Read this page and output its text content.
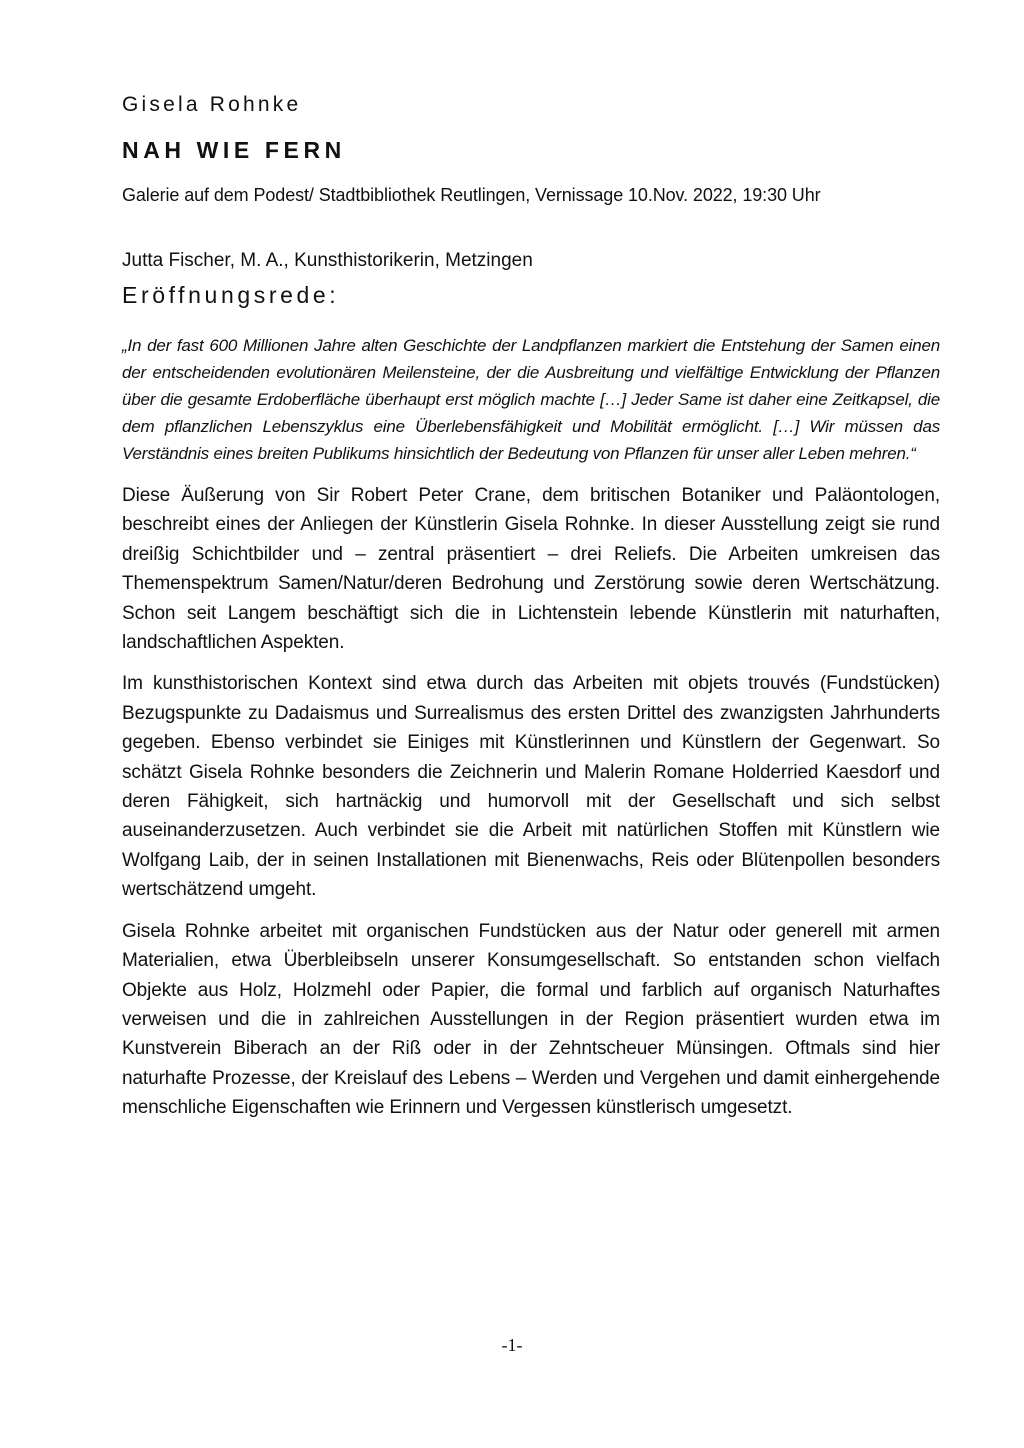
Gisela Rohnke

NAH WIE FERN

Galerie auf dem Podest/ Stadtbibliothek Reutlingen, Vernissage 10.Nov. 2022, 19:30 Uhr

Jutta Fischer, M. A., Kunsthistorikerin, Metzingen

Eröffnungsrede:

„In der fast 600 Millionen Jahre alten Geschichte der Landpflanzen markiert die Entstehung der Samen einen der entscheidenden evolutionären Meilensteine, der die Ausbreitung und vielfältige Entwicklung der Pflanzen über die gesamte Erdoberfläche überhaupt erst möglich machte […] Jeder Same ist daher eine Zeitkapsel, die dem pflanzlichen Lebenszyklus eine Überlebensfähigkeit und Mobilität ermöglicht. […] Wir müssen das Verständnis eines breiten Publikums hinsichtlich der Bedeutung von Pflanzen für unser aller Leben mehren.“

Diese Äußerung von Sir Robert Peter Crane, dem britischen Botaniker und Paläontologen, beschreibt eines der Anliegen der Künstlerin Gisela Rohnke. In dieser Ausstellung zeigt sie rund dreißig Schichtbilder und – zentral präsentiert – drei Reliefs. Die Arbeiten umkreisen das Themenspektrum Samen/Natur/deren Bedrohung und Zerstörung sowie deren Wertschätzung. Schon seit Langem beschäftigt sich die in Lichtenstein lebende Künstlerin mit naturhaften, landschaftlichen Aspekten.

Im kunsthistorischen Kontext sind etwa durch das Arbeiten mit objets trouvés (Fundstücken) Bezugspunkte zu Dadaismus und Surrealismus des ersten Drittel des zwanzigsten Jahrhunderts gegeben. Ebenso verbindet sie Einiges mit Künstlerinnen und Künstlern der Gegenwart. So schätzt Gisela Rohnke besonders die Zeichnerin und Malerin Romane Holderried Kaesdorf und deren Fähigkeit, sich hartnäckig und humorvoll mit der Gesellschaft und sich selbst auseinanderzusetzen. Auch verbindet sie die Arbeit mit natürlichen Stoffen mit Künstlern wie Wolfgang Laib, der in seinen Installationen mit Bienenwachs, Reis oder Blütenpollen besonders wertschätzend umgeht.

Gisela Rohnke arbeitet mit organischen Fundstücken aus der Natur oder generell mit armen Materialien, etwa Überbleibseln unserer Konsumgesellschaft. So entstanden schon vielfach Objekte aus Holz, Holzmehl oder Papier, die formal und farblich auf organisch Naturhaftes verweisen und die in zahlreichen Ausstellungen in der Region präsentiert wurden etwa im Kunstverein Biberach an der Riß oder in der Zehntscheuer Münsingen. Oftmals sind hier naturhafte Prozesse, der Kreislauf des Lebens – Werden und Vergehen und damit einhergehende menschliche Eigenschaften wie Erinnern und Vergessen künstlerisch umgesetzt.

-1-
